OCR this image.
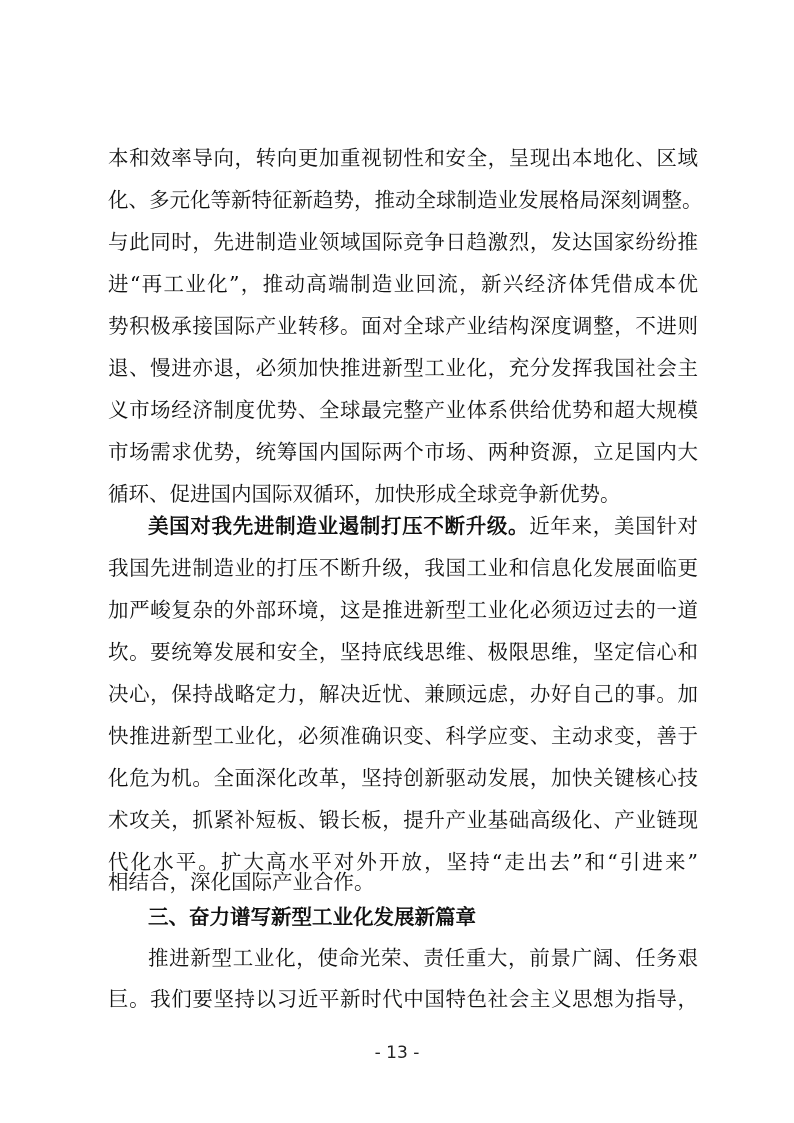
本和效率导向，转向更加重视韧性和安全，呈现出本地化、区域
化、多元化等新特征新趋势，推动全球制造业发展格局深刻调整。
与此同时，先进制造业领域国际竞争日趋激烈，发达国家纷纷推
进“再工业化”，推动高端制造业回流，新兴经济体凭借成本优
势积极承接国际产业转移。面对全球产业结构深度调整，不进则
退、慢进亦退，必须加快推进新型工业化，充分发挥我国社会主
义市场经济制度优势、全球最完整产业体系供给优势和超大规模
市场需求优势，统筹国内国际两个市场、两种资源，立足国内大
循环、促进国内国际双循环，加快形成全球竞争新优势。
美国对我先进制造业遏制打压不断升级。近年来，美国针对
我国先进制造业的打压不断升级，我国工业和信息化发展面临更
加严峻复杂的外部环境，这是推进新型工业化必须迈过去的一道
坎。要统筹发展和安全，坚持底线思维、极限思维，坚定信心和
决心，保持战略定力，解决近忧、兼顾远虑，办好自己的事。加
快推进新型工业化，必须准确识变、科学应变、主动求变，善于
化危为机。全面深化改革，坚持创新驱动发展，加快关键核心技
术攻关，抓紧补短板、锻长板，提升产业基础高级化、产业链现
代化水平。扩大高水平对外开放，坚持“走出去”和“引进来”
相结合，深化国际产业合作。
三、奋力谱写新型工业化发展新篇章
推进新型工业化，使命光荣、责任重大，前景广阔、任务艰
巨。我们要坚持以习近平新时代中国特色社会主义思想为指导，
- 13 -
